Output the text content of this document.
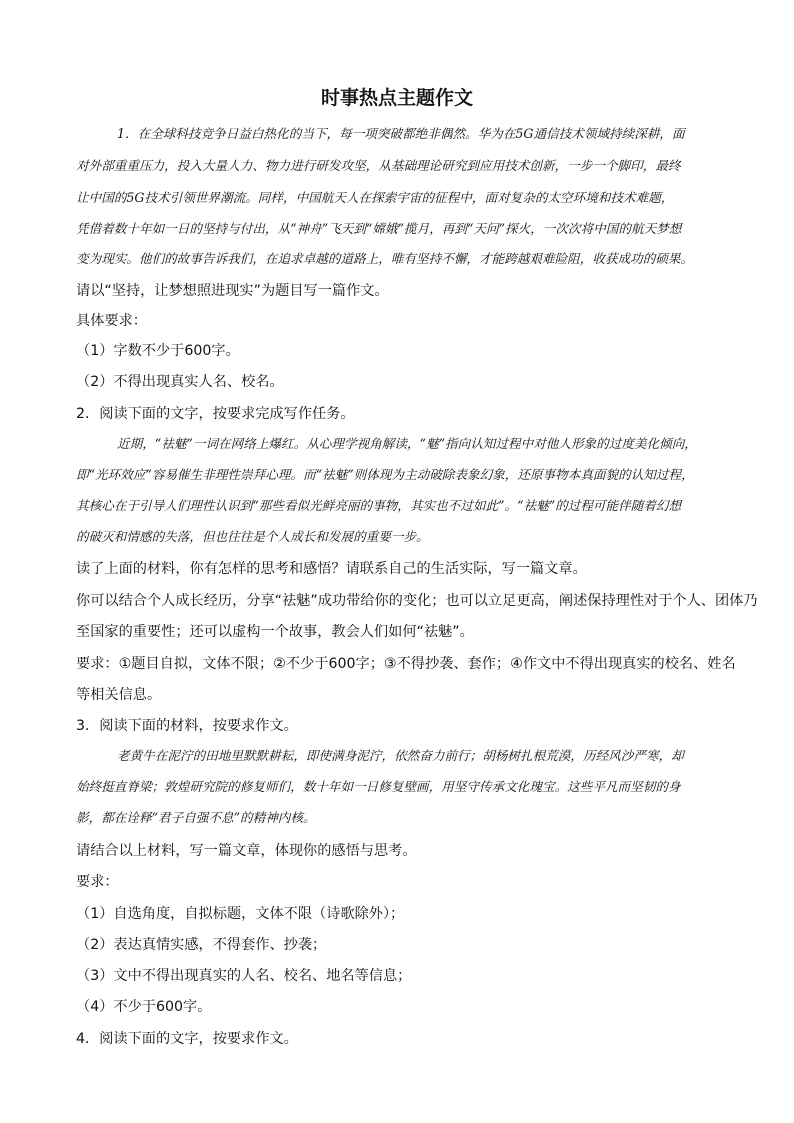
时事热点主题作文
1．在全球科技竞争日益白热化的当下，每一项突破都绝非偶然。华为在5G通信技术领域持续深耕，面
对外部重重压力，投入大量人力、物力进行研发攻坚，从基础理论研究到应用技术创新，一步一个脚印，最终
让中国的5G技术引领世界潮流。同样，中国航天人在探索宇宙的征程中，面对复杂的太空环境和技术难题，
凭借着数十年如一日的坚持与付出，从“神舟”飞天到“嫦娥”揽月，再到“天问”探火，一次次将中国的航天梦想
变为现实。他们的故事告诉我们，在追求卓越的道路上，唯有坚持不懈，才能跨越艰难险阻，收获成功的硕果。
请以“坚持，让梦想照进现实”为题目写一篇作文。
具体要求：
（1）字数不少于600字。
（2）不得出现真实人名、校名。
2．阅读下面的文字，按要求完成写作任务。
近期，“祛魅”一词在网络上爆红。从心理学视角解读，“魅”指向认知过程中对他人形象的过度美化倾向，
即“光环效应”容易催生非理性崇拜心理。而“祛魅”则体现为主动破除表象幻象，还原事物本真面貌的认知过程，
其核心在于引导人们理性认识到“那些看似光鲜亮丽的事物，其实也不过如此”。“祛魅”的过程可能伴随着幻想
的破灭和情感的失落，但也往往是个人成长和发展的重要一步。
读了上面的材料，你有怎样的思考和感悟？请联系自己的生活实际，写一篇文章。
你可以结合个人成长经历，分享“祛魅”成功带给你的变化；也可以立足更高，阐述保持理性对于个人、团体乃
至国家的重要性；还可以虚构一个故事，教会人们如何“祛魅”。
要求：①题目自拟，文体不限；②不少于600字；③不得抄袭、套作；④作文中不得出现真实的校名、姓名
等相关信息。
3．阅读下面的材料，按要求作文。
老黄牛在泥泞的田地里默默耕耘，即使满身泥泞，依然奋力前行；胡杨树扎根荒漠，历经风沙严寒，却
始终挺直脊梁；敦煌研究院的修复师们，数十年如一日修复壁画，用坚守传承文化瑰宝。这些平凡而坚韧的身
影，都在诠释“君子自强不息”的精神内核。
请结合以上材料，写一篇文章，体现你的感悟与思考。
要求：
（1）自选角度，自拟标题，文体不限（诗歌除外）；
（2）表达真情实感，不得套作、抄袭；
（3）文中不得出现真实的人名、校名、地名等信息；
（4）不少于600字。
4．阅读下面的文字，按要求作文。
